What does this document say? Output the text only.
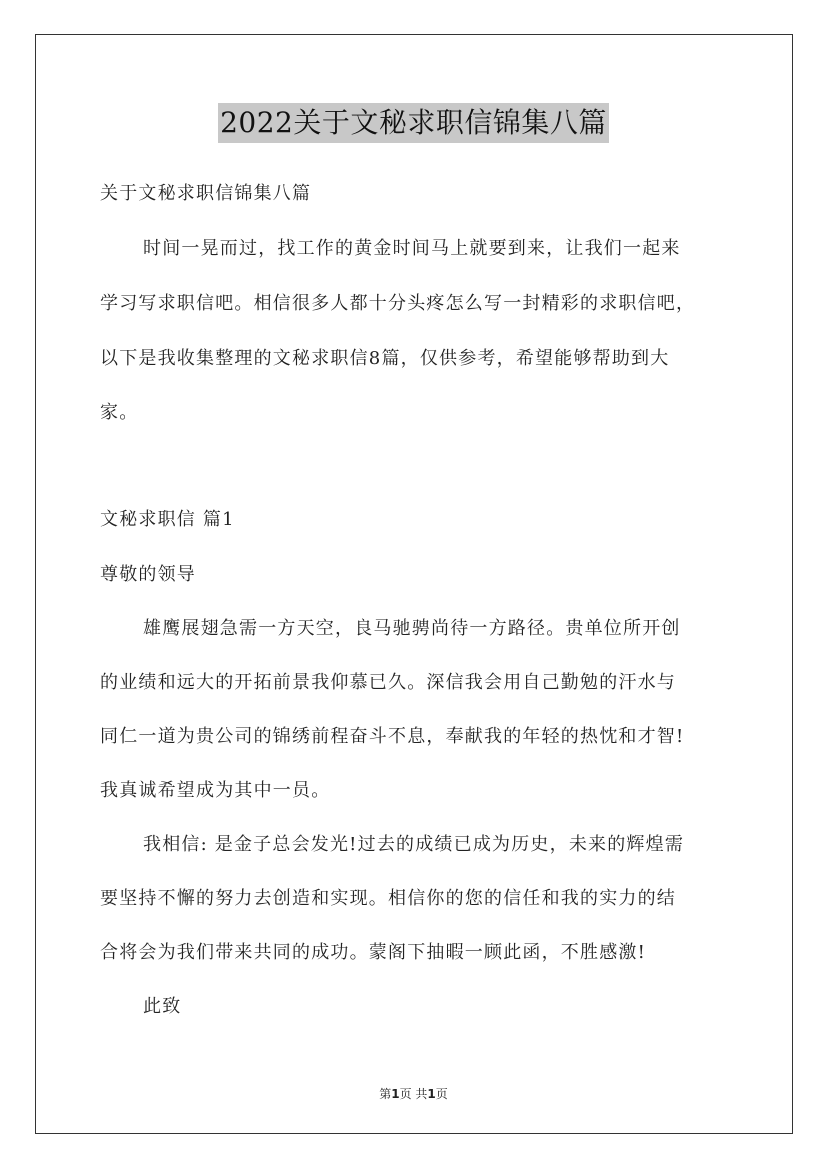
2022关于文秘求职信锦集八篇
关于文秘求职信锦集八篇
时间一晃而过，找工作的黄金时间马上就要到来，让我们一起来
学习写求职信吧。相信很多人都十分头疼怎么写一封精彩的求职信吧，
以下是我收集整理的文秘求职信8篇，仅供参考，希望能够帮助到大
家。
文秘求职信 篇1
尊敬的领导
雄鹰展翅急需一方天空，良马驰骋尚待一方路径。贵单位所开创
的业绩和远大的开拓前景我仰慕已久。深信我会用自己勤勉的汗水与
同仁一道为贵公司的锦绣前程奋斗不息，奉献我的年轻的热忱和才智!
我真诚希望成为其中一员。
我相信: 是金子总会发光!过去的成绩已成为历史，未来的辉煌需
要坚持不懈的努力去创造和实现。相信你的您的信任和我的实力的结
合将会为我们带来共同的成功。蒙阁下抽暇一顾此函，不胜感激!
此致
第1页 共1页
